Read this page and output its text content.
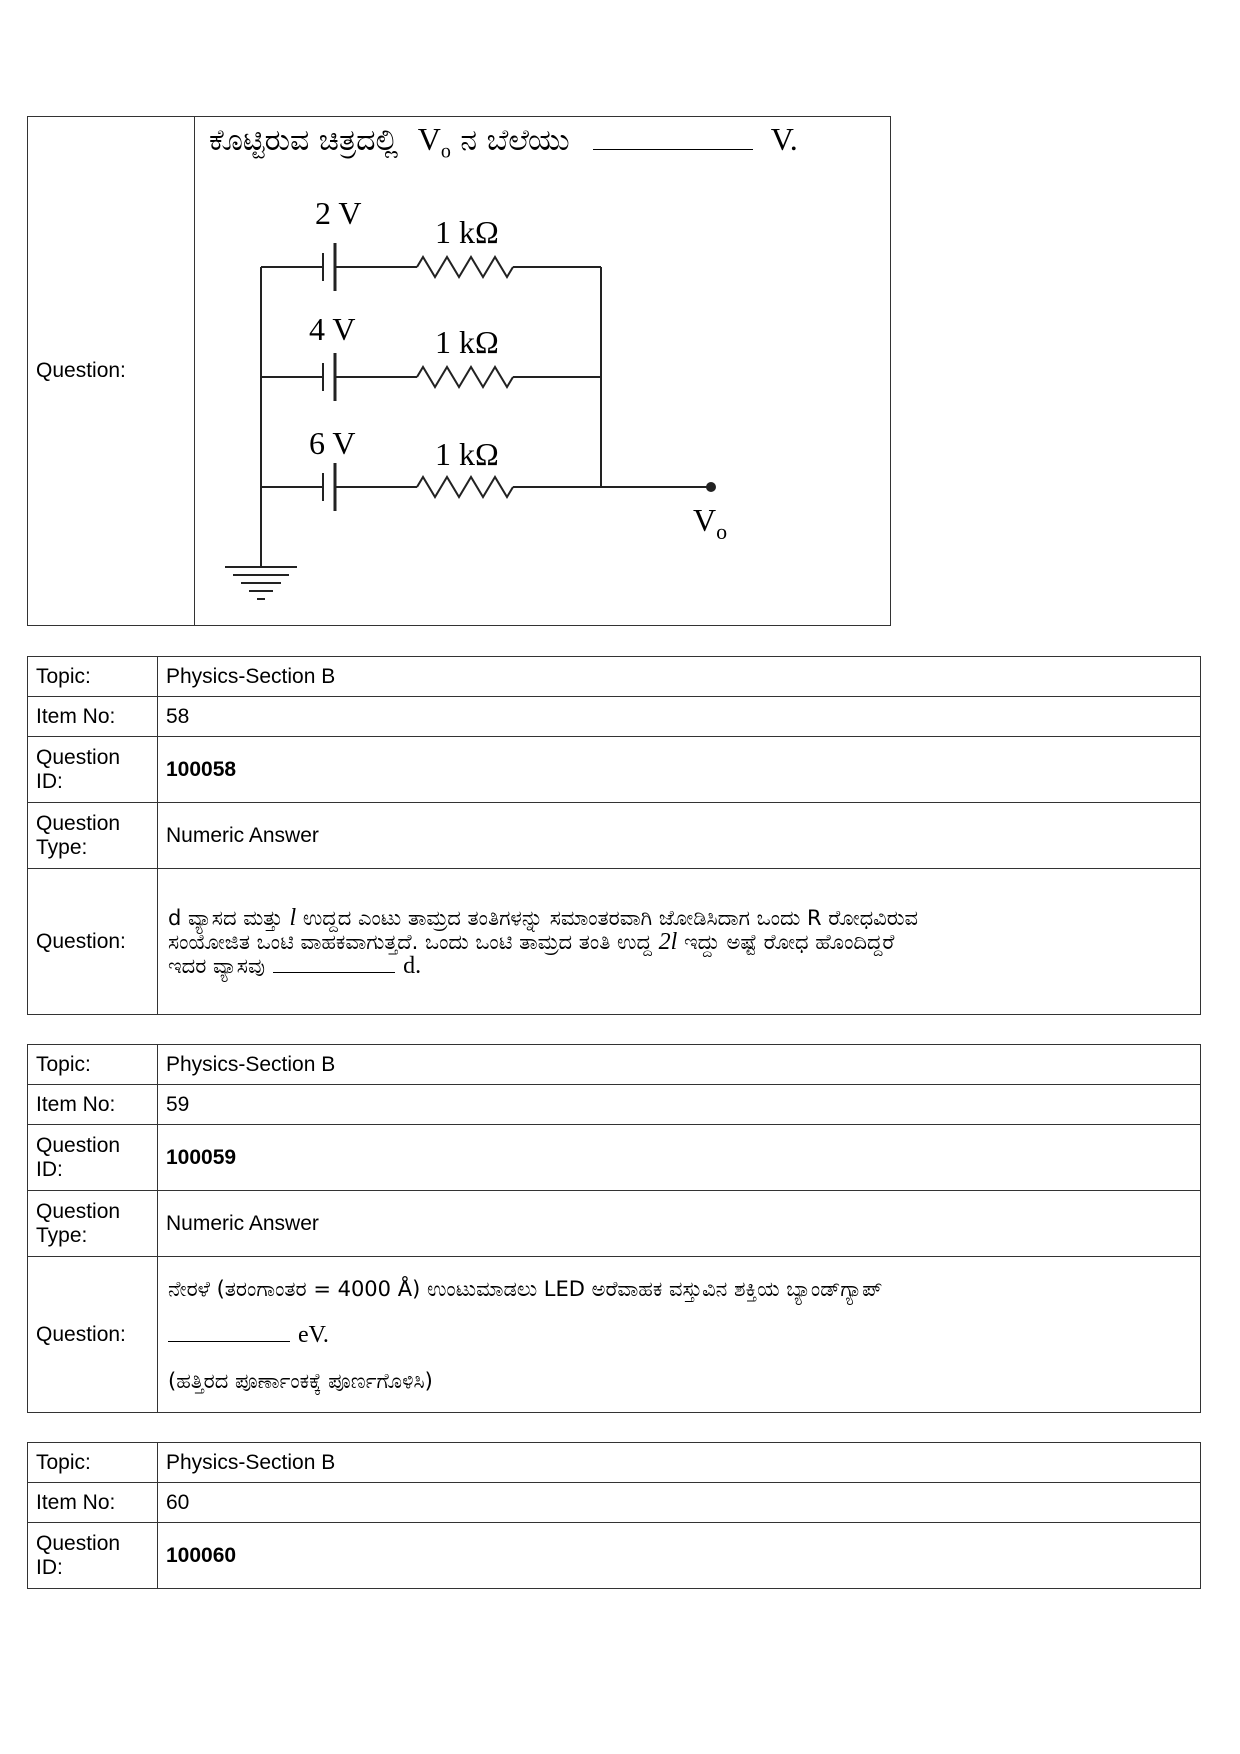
Question:	
ಕೊಟ್ಟಿರುವ ಚಿತ್ರದಲ್ಲಿ $V_o$ ನ ಬೆಲೆಯು	V.
2 V
4 V
6 V
1 kΩ
1 kΩ
1 kΩ
$V_o$
Topic:	Physics-Section B
Item No:	58
Question ID:	100058
Question Type:	Numeric Answer
Question:	d ವ್ಯಾಸದ ಮತ್ತು l ಉದ್ದದ ಎಂಟು ತಾಮ್ರದ ತಂತಿಗಳನ್ನು ಸಮಾಂತರವಾಗಿ ಜೋಡಿಸಿದಾಗ ಒಂದು R ರೋಧವಿರುವ
ಸಂಯೋಜಿತ ಒಂಟಿ ವಾಹಕವಾಗುತ್ತದೆ. ಒಂದು ಒಂಟಿ ತಾಮ್ರದ ತಂತಿ ಉದ್ದ 2l ಇದ್ದು ಅಷ್ಟೆ ರೋಧ ಹೊಂದಿದ್ದರೆ
ಇದರ ವ್ಯಾಸವು d.
Topic:	Physics-Section B
Item No:	59
Question ID:	100059
Question Type:	Numeric Answer
Question:	ನೇರಳೆ (ತರಂಗಾಂತರ = 4000 Å) ಉಂಟುಮಾಡಲು LED ಅರೆವಾಹಕ ವಸ್ತುವಿನ ಶಕ್ತಿಯ ಬ್ಯಾಂಡ್‌ಗ್ಯಾಪ್
eV.
(ಹತ್ತಿರದ ಪೂರ್ಣಾಂಕಕ್ಕೆ ಪೂರ್ಣಗೊಳಿಸಿ)
Topic:	Physics-Section B
Item No:	60
Question ID:	100060
